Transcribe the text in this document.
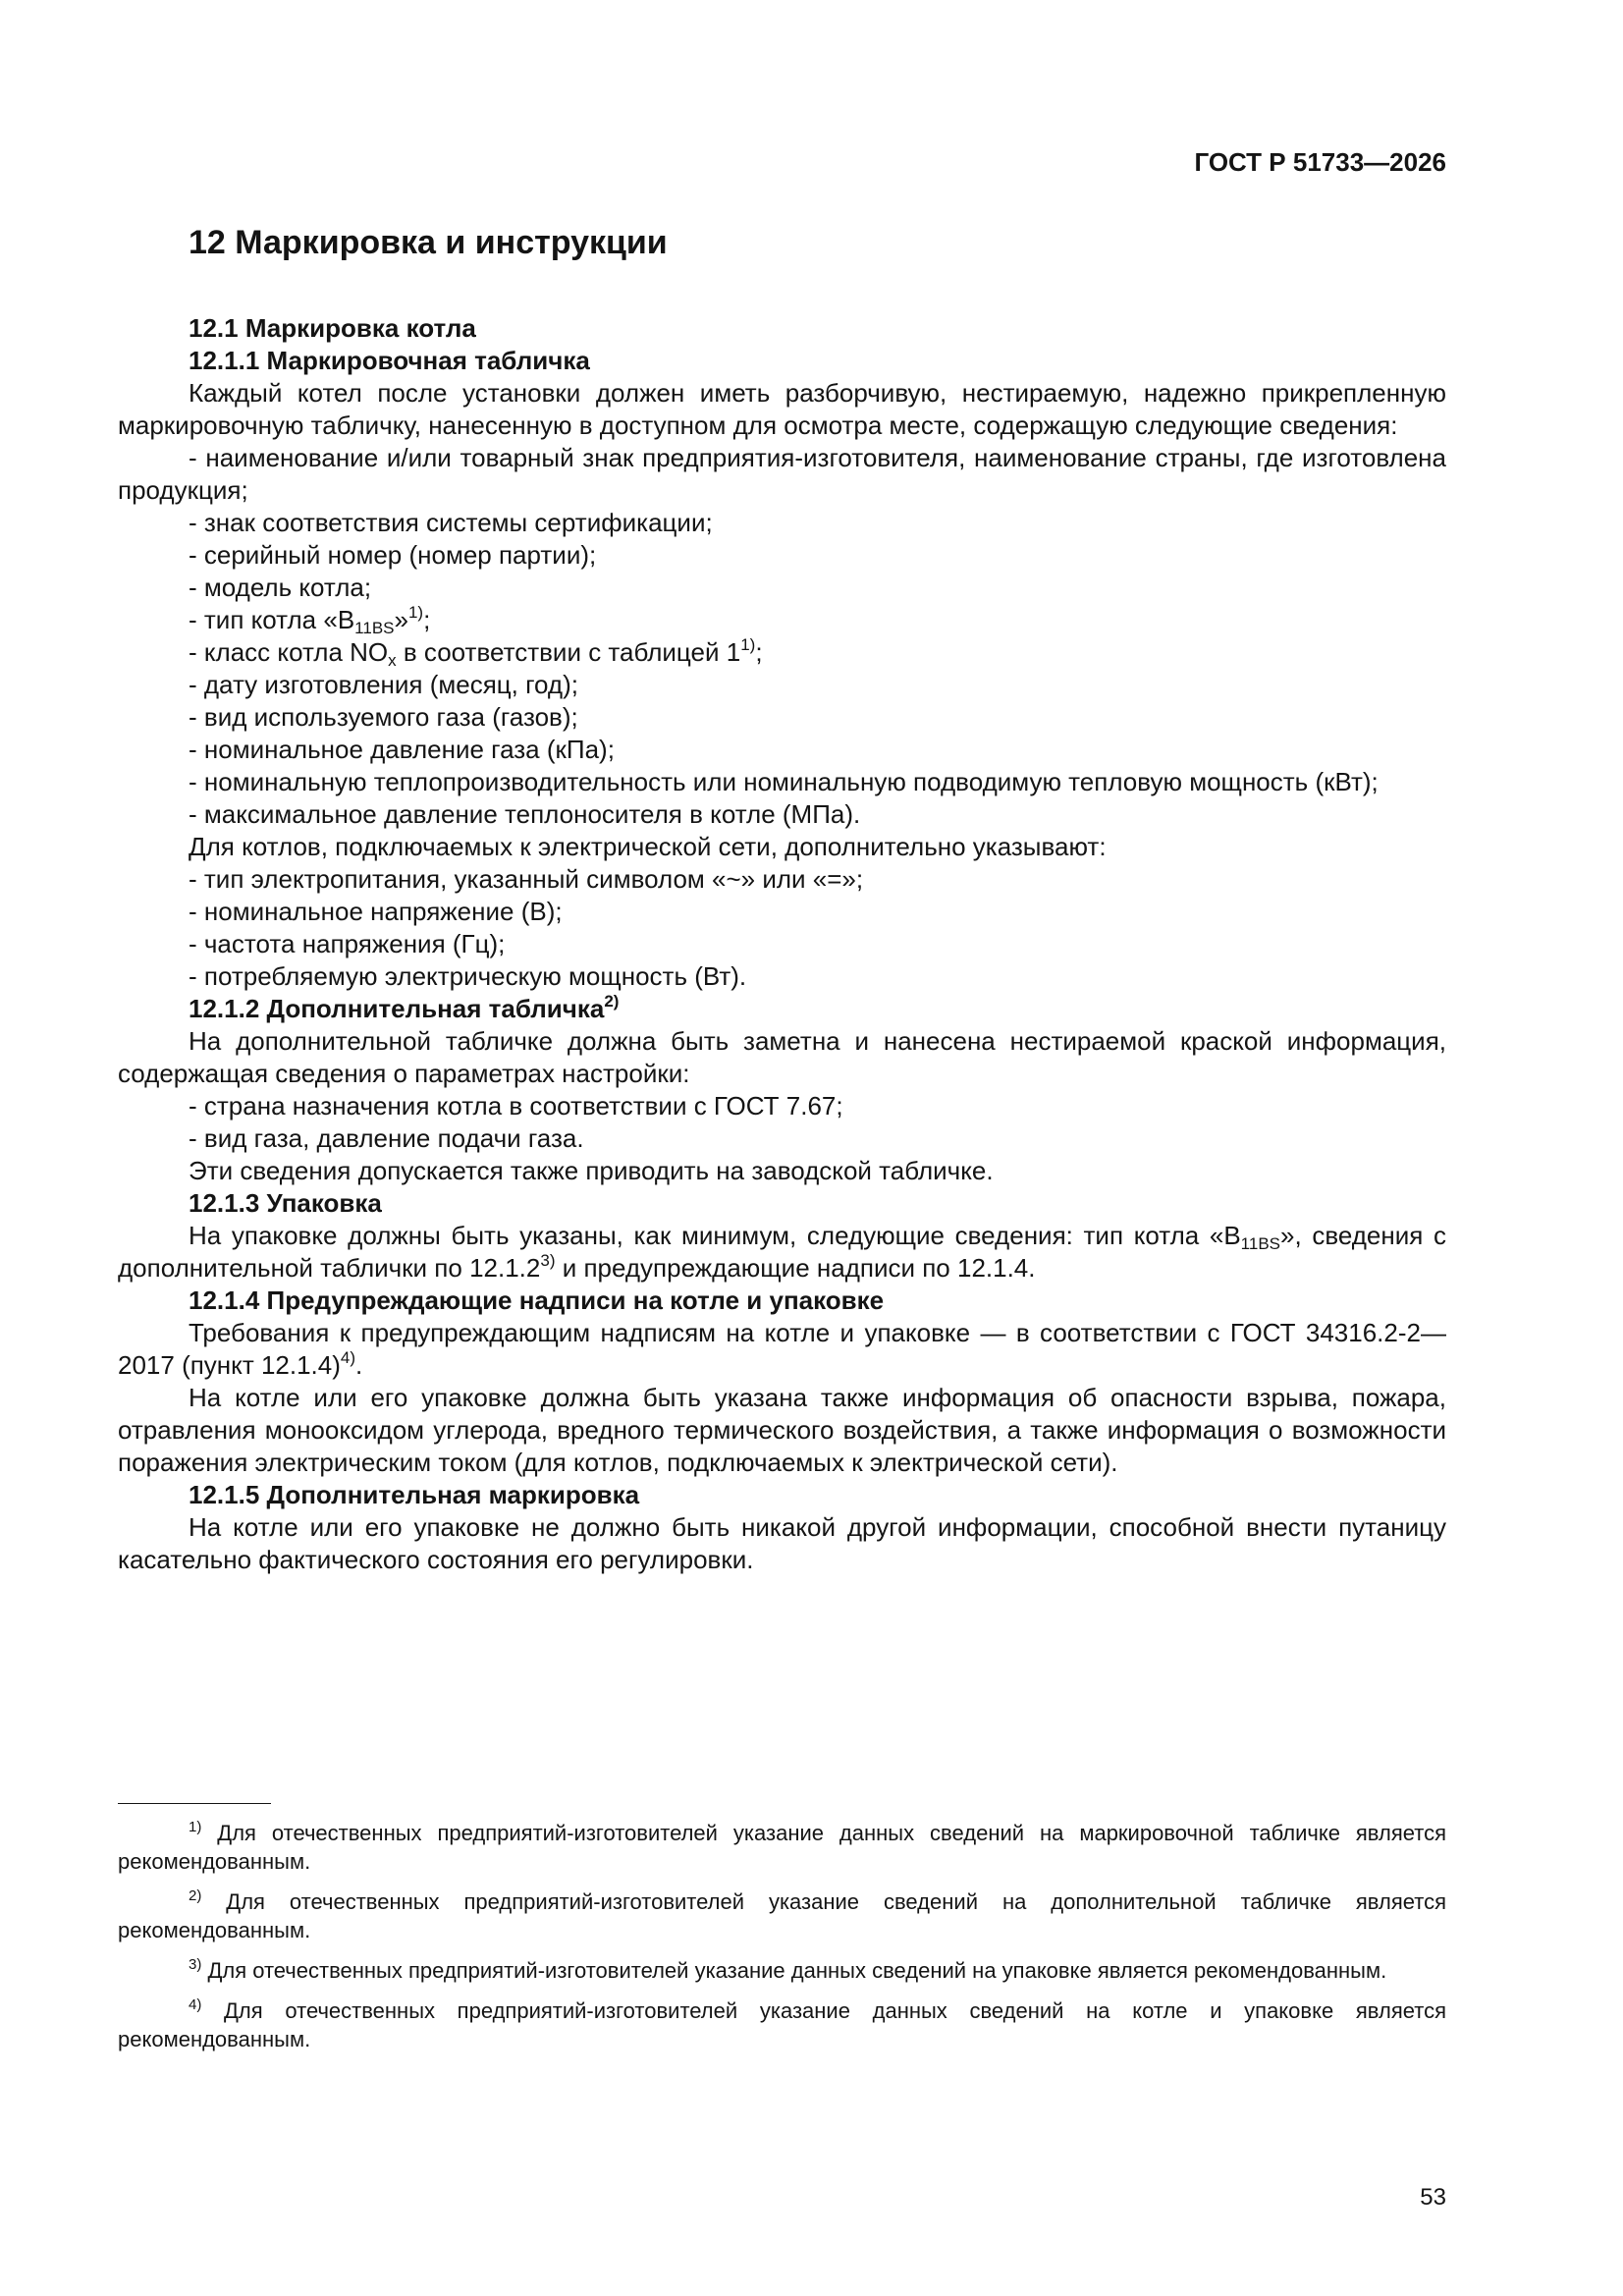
ГОСТ Р 51733—2026
12 Маркировка и инструкции

12.1 Маркировка котла

12.1.1 Маркировочная табличка

Каждый котел после установки должен иметь разборчивую, нестираемую, надежно прикрепленную маркировочную табличку, нанесенную в доступном для осмотра месте, содержащую следующие сведения:

- наименование и/или товарный знак предприятия-изготовителя, наименование страны, где изготовлена продукция;

- знак соответствия системы сертификации;

- серийный номер (номер партии);

- модель котла;

- тип котла «$В_{11BS}»^{1)}$;

- класс котла $NO_x$ в соответствии с таблицей 1$^{1)}$;

- дату изготовления (месяц, год);

- вид используемого газа (газов);

- номинальное давление газа (кПа);

- номинальную теплопроизводительность или номинальную подводимую тепловую мощность (кВт);

- максимальное давление теплоносителя в котле (МПа).

Для котлов, подключаемых к электрической сети, дополнительно указывают:

- тип электропитания, указанный символом «~» или «=»;

- номинальное напряжение (В);

- частота напряжения (Гц);

- потребляемую электрическую мощность (Вт).

12.1.2 Дополнительная табличка$^{2)}$

На дополнительной табличке должна быть заметна и нанесена нестираемой краской информация, содержащая сведения о параметрах настройки:

- страна назначения котла в соответствии с ГОСТ 7.67;

- вид газа, давление подачи газа.

Эти сведения допускается также приводить на заводской табличке.

12.1.3 Упаковка

На упаковке должны быть указаны, как минимум, следующие сведения: тип котла «$В_{11BS}$», сведения с дополнительной таблички по 12.1.2$^{3)}$ и предупреждающие надписи по 12.1.4.

12.1.4 Предупреждающие надписи на котле и упаковке

Требования к предупреждающим надписям на котле и упаковке — в соответствии с ГОСТ 34316.2-2—2017 (пункт 12.1.4)$^{4)}$.

На котле или его упаковке должна быть указана также информация об опасности взрыва, пожара, отравления монооксидом углерода, вредного термического воздействия, а также информация о возможности поражения электрическим током (для котлов, подключаемых к электрической сети).

12.1.5 Дополнительная маркировка

На котле или его упаковке не должно быть никакой другой информации, способной внести путаницу касательно фактического состояния его регулировки.

$^{1)}$ Для отечественных предприятий-изготовителей указание данных сведений на маркировочной табличке является рекомендованным.

$^{2)}$ Для отечественных предприятий-изготовителей указание сведений на дополнительной табличке является рекомендованным.

$^{3)}$ Для отечественных предприятий-изготовителей указание данных сведений на упаковке является рекомендованным.

$^{4)}$ Для отечественных предприятий-изготовителей указание данных сведений на котле и упаковке является рекомендованным.

53
